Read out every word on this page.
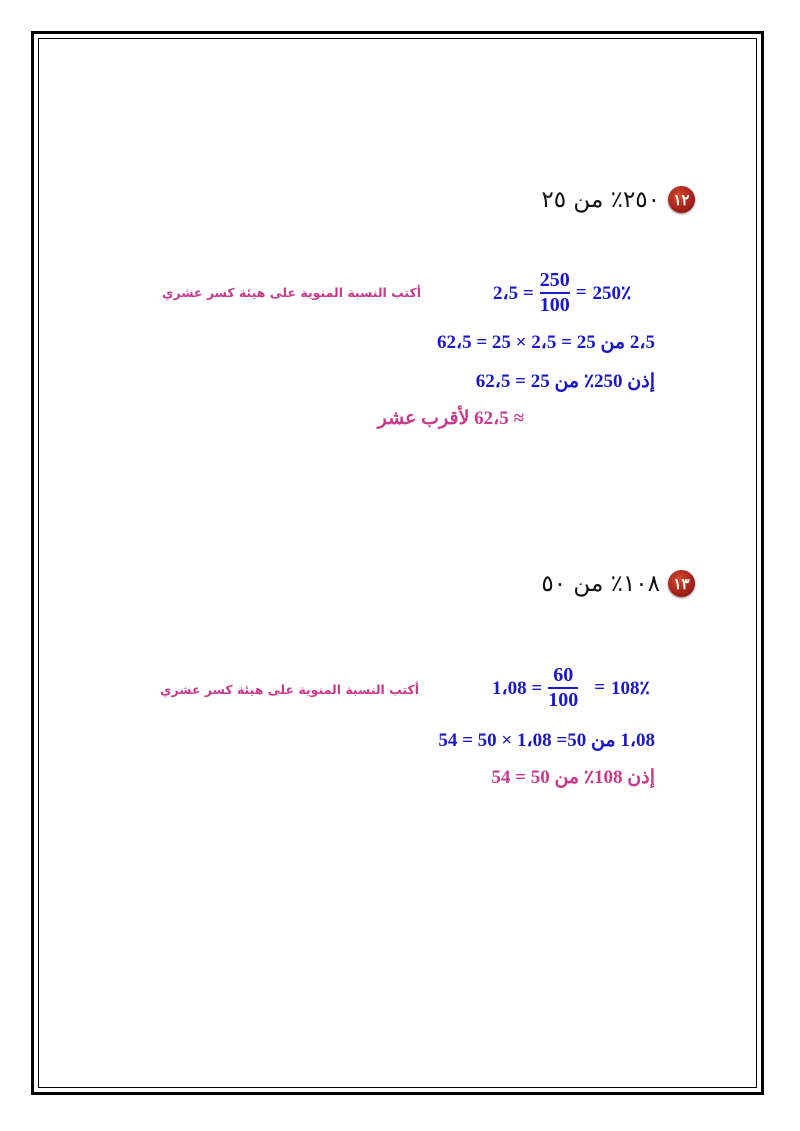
١٢
٢٥٠٪ من ٢٥
2،5 = $\frac{250}{100}$ = 250٪
أكتب النسبة المنوية على هيئة كسر عشري
2،5 من 25 = 2،5 × 25 = 62،5
إذن 250٪ من 25 = 62،5
≈ 62،5 لأقرب عشر
١٣
١٠٨٪ من ٥٠
1،08 = $\frac{60}{100}$ = 108٪
أكتب النسبة المنوية على هيئة كسر عشري
1،08 من 50= 1،08 × 50 = 54
إذن 108٪ من 50 = 54
